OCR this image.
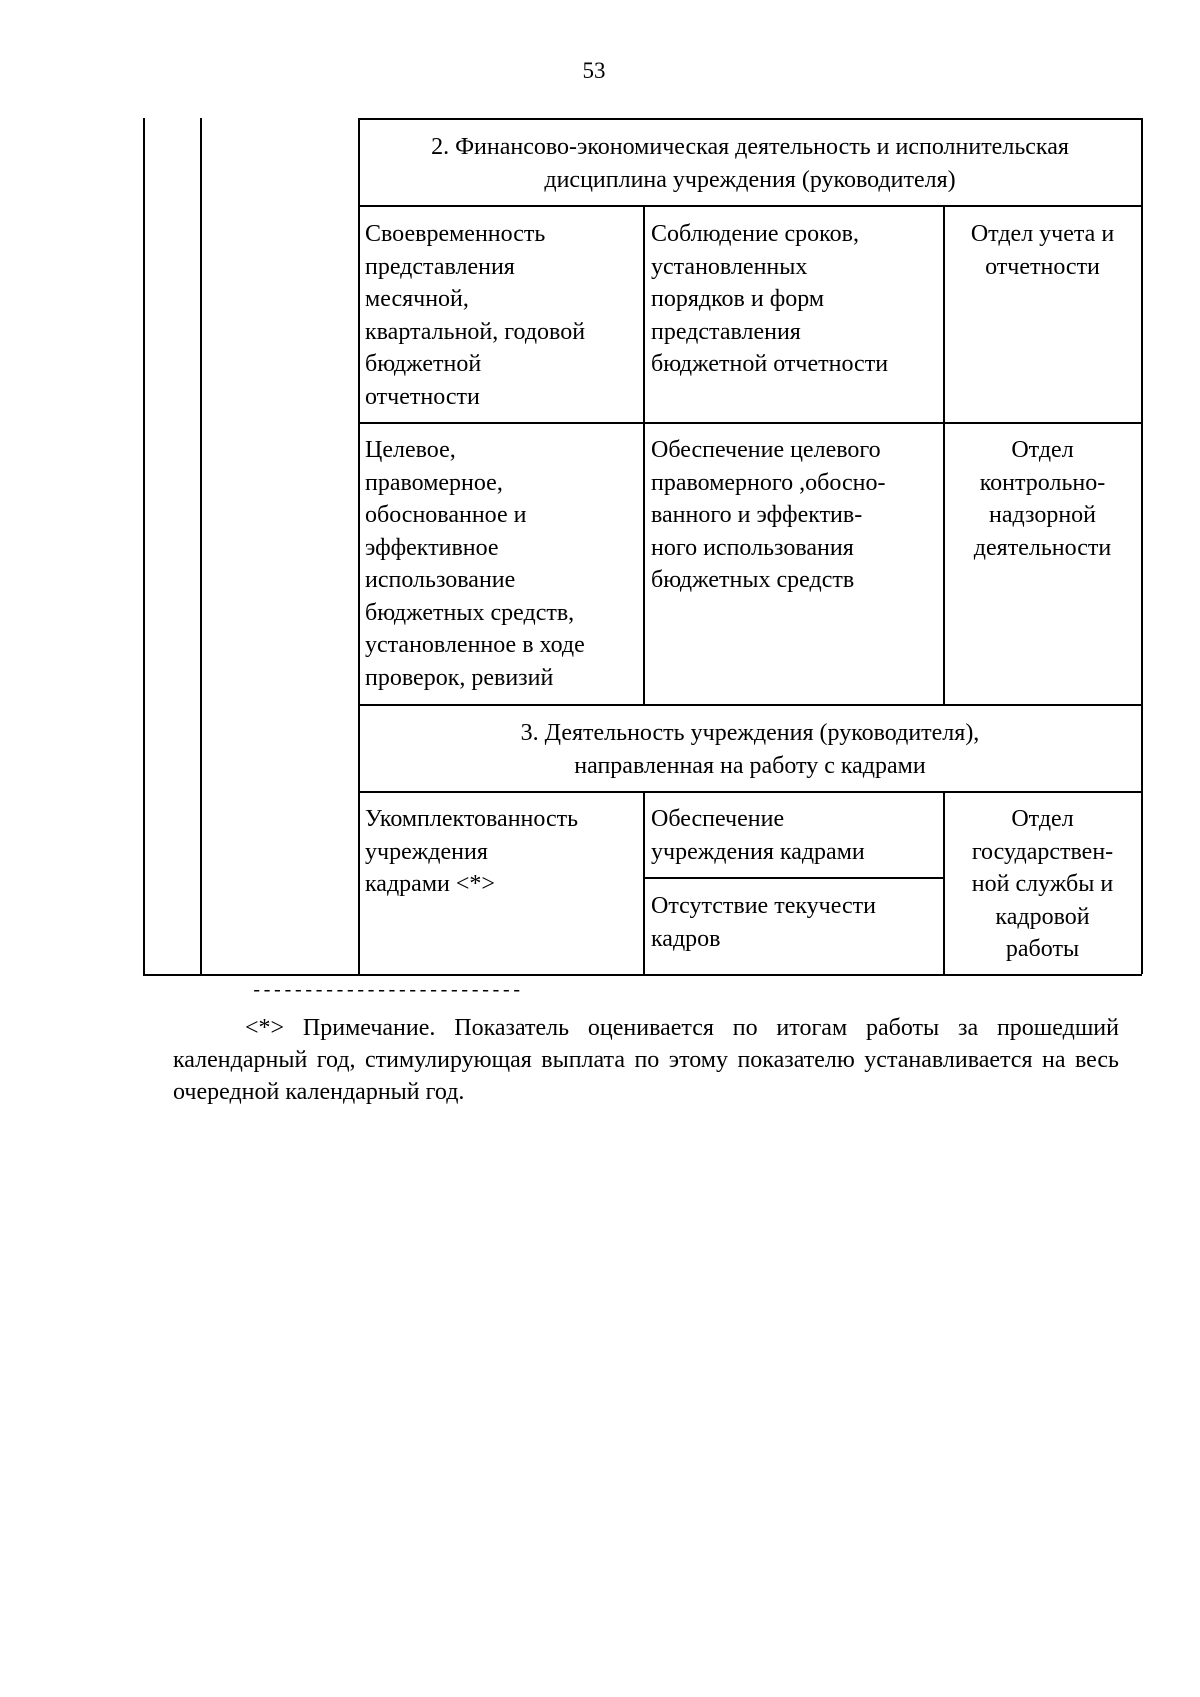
53
2. Финансово-экономическая деятельность и исполнительская
дисциплина учреждения (руководителя)
Своевременность
представления
месячной,
квартальной, годовой
бюджетной
отчетности
Соблюдение сроков,
установленных
порядков и форм
представления
бюджетной отчетности
Отдел учета и
отчетности
Целевое,
правомерное,
обоснованное и
эффективное
использование
бюджетных средств,
установленное в ходе
проверок, ревизий
Обеспечение целевого
правомерного ,обосно-
ванного и эффектив-
ного использования
бюджетных средств
Отдел
контрольно-
надзорной
деятельности
3. Деятельность учреждения (руководителя),
направленная на работу с кадрами
Укомплектованность
учреждения
кадрами <*>
Обеспечение
учреждения кадрами
Отсутствие текучести
кадров
Отдел
государствен-
ной службы и
кадровой
работы
--------------------------
<*> Примечание. Показатель оценивается по итогам работы за прошедший календарный год, стимулирующая выплата по этому показателю устанавливается на весь очередной календарный год.
